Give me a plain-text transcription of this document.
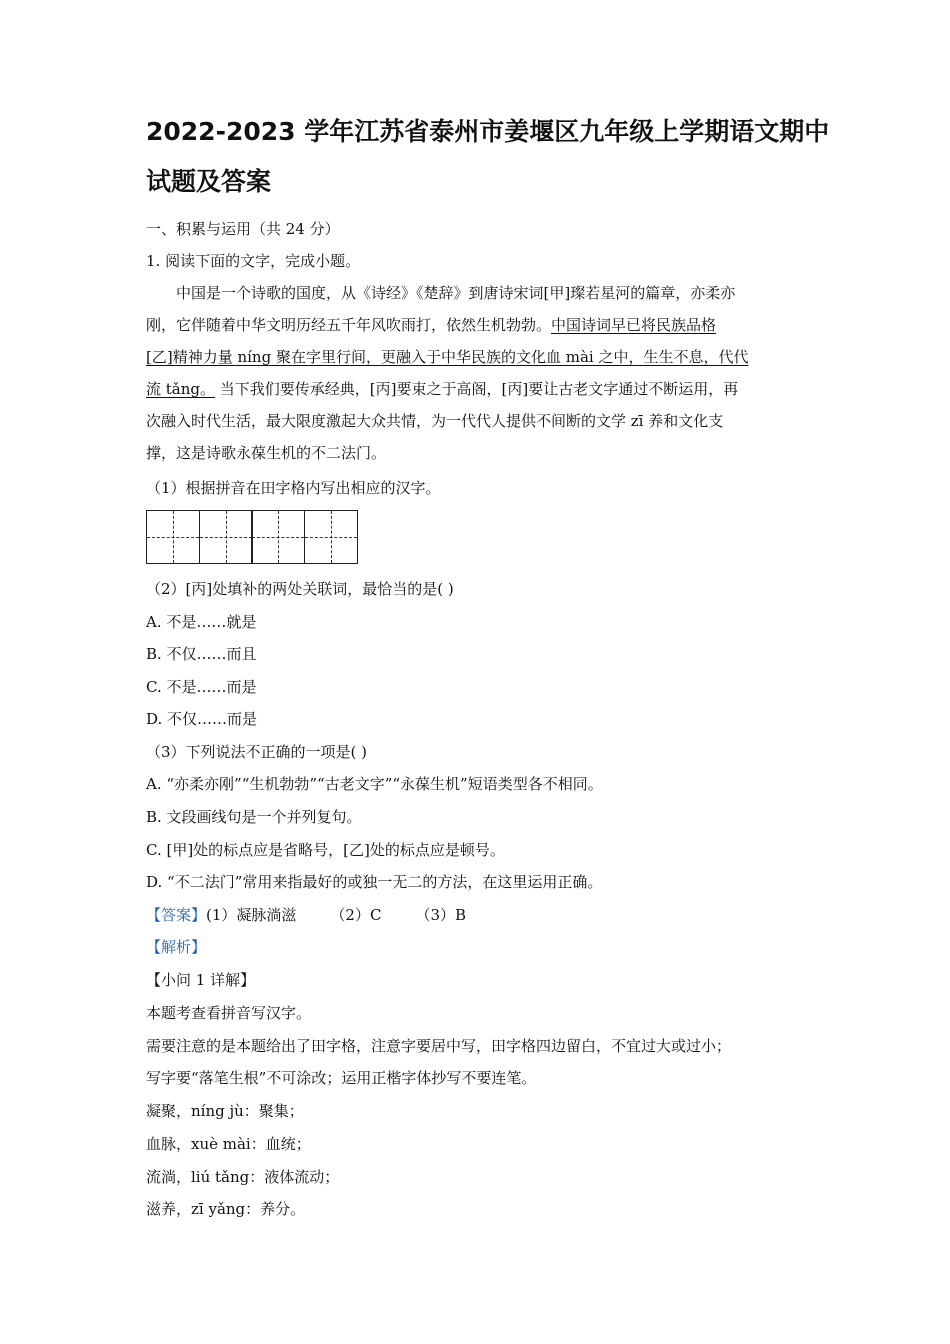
2022-2023 学年江苏省泰州市姜堰区九年级上学期语文期中
试题及答案
一、积累与运用（共 24 分）
1. 阅读下面的文字，完成小题。
中国是一个诗歌的国度，从《诗经》《楚辞》到唐诗宋词[甲]璨若星河的篇章，亦柔亦
刚，它伴随着中华文明历经五千年风吹雨打，依然生机勃勃。中国诗词早已将民族品格
[乙]精神力量 níng 聚在字里行间，更融入于中华民族的文化血 mài 之中，生生不息，代代
流 tǎng。 当下我们要传承经典，[丙]要束之于高阁，[丙]要让古老文字通过不断运用，再
次融入时代生活，最大限度激起大众共情，为一代代人提供不间断的文学 zī 养和文化支
撑，这是诗歌永葆生机的不二法门。
（1）根据拼音在田字格内写出相应的汉字。
（2）[丙]处填补的两处关联词，最恰当的是( )
A. 不是……就是
B. 不仅……而且
C. 不是……而是
D. 不仅……而是
（3）下列说法不正确的一项是( )
A. “亦柔亦刚”“生机勃勃”“古老文字”“永葆生机”短语类型各不相同。
B. 文段画线句是一个并列复句。
C. [甲]处的标点应是省略号，[乙]处的标点应是顿号。
D. “不二法门”常用来指最好的或独一无二的方法，在这里运用正确。
【答案】(1）凝脉淌滋 （2）C （3）B
【解析】
【小问 1 详解】
本题考查看拼音写汉字。
需要注意的是本题给出了田字格，注意字要居中写，田字格四边留白，不宜过大或过小；
写字要“落笔生根”不可涂改；运用正楷字体抄写不要连笔。
凝聚，níng jù：聚集；
血脉，xuè mài：血统；
流淌，liú tǎng：液体流动；
滋养，zī yǎng：养分。
